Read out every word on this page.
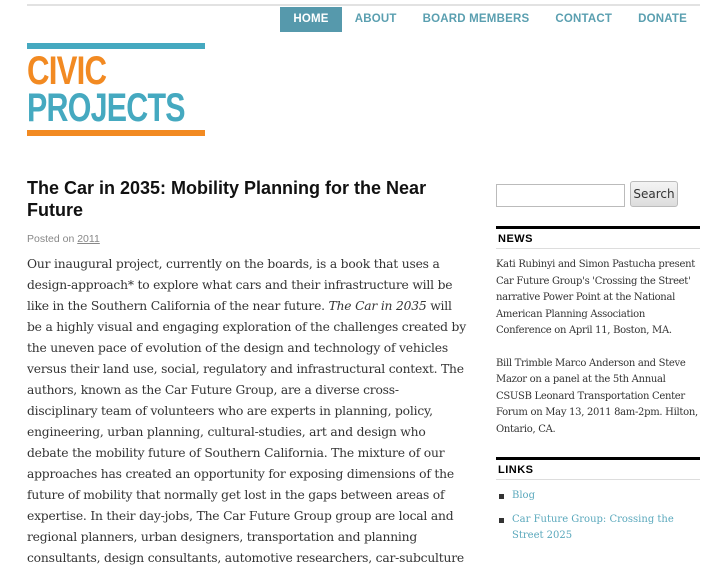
HOME	ABOUT	BOARD MEMBERS	CONTACT	DONATE
CIVIC
PROJECTS
The Car in 2035: Mobility Planning for the Near Future
Posted on 2011

Our inaugural project, currently on the boards, is a book that uses a design-approach* to explore what cars and their infrastructure will be like in the Southern California of the near future. The Car in 2035 will be a highly visual and engaging exploration of the challenges created by the uneven pace of evolution of the design and technology of vehicles versus their land use, social, regulatory and infrastructural context. The authors, known as the Car Future Group, are a diverse cross-disciplinary team of volunteers who are experts in planning, policy, engineering, urban planning, cultural-studies, art and design who debate the mobility future of Southern California. The mixture of our approaches has created an opportunity for exposing dimensions of the future of mobility that normally get lost in the gaps between areas of expertise. In their day-jobs, The Car Future Group group are local and regional planners, urban designers, transportation and planning consultants, design consultants, automotive researchers, car-subculture

Search
NEWS

Kati Rubinyi and Simon Pastucha present Car Future Group's 'Crossing the Street' narrative Power Point at the National American Planning Association Conference on April 11, Boston, MA.

Bill Trimble Marco Anderson and Steve Mazor on a panel at the 5th Annual CSUSB Leonard Transportation Center Forum on May 13, 2011 8am-2pm. Hilton, Ontario, CA.

LINKS
Blog
Car Future Group: Crossing the Street 2025
